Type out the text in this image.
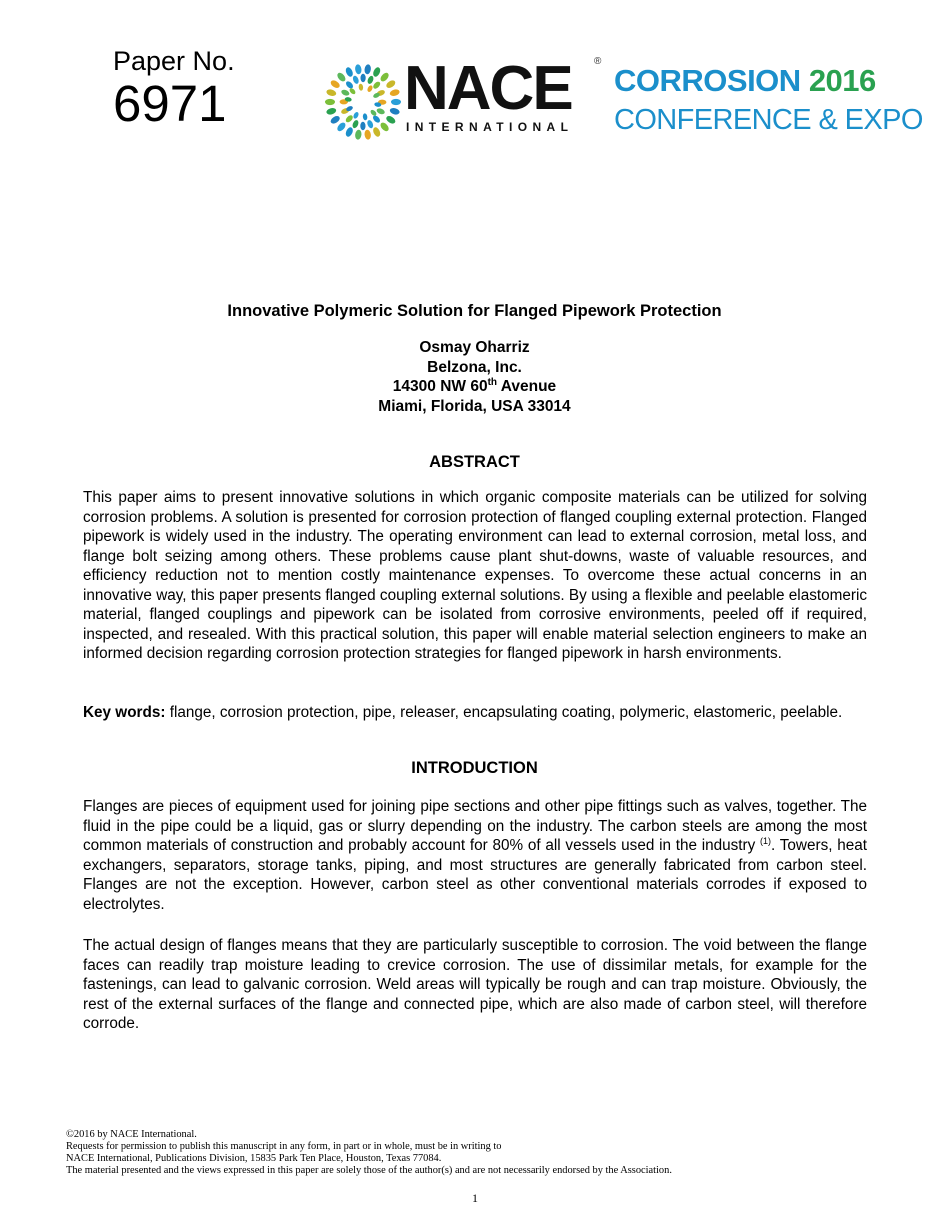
Paper No.
6971	NACE ®
INTERNATIONAL
CORROSION 2016
CONFERENCE & EXPO
Innovative Polymeric Solution for Flanged Pipework Protection
Osmay Oharriz
Belzona, Inc.
14300 NW 60th Avenue
Miami, Florida, USA 33014
ABSTRACT

This paper aims to present innovative solutions in which organic composite materials can be utilized for solving corrosion problems. A solution is presented for corrosion protection of flanged coupling external protection. Flanged pipework is widely used in the industry. The operating environment can lead to external corrosion, metal loss, and flange bolt seizing among others. These problems cause plant shut-downs, waste of valuable resources, and efficiency reduction not to mention costly maintenance expenses. To overcome these actual concerns in an innovative way, this paper presents flanged coupling external solutions. By using a flexible and peelable elastomeric material, flanged couplings and pipework can be isolated from corrosive environments, peeled off if required, inspected, and resealed. With this practical solution, this paper will enable material selection engineers to make an informed decision regarding corrosion protection strategies for flanged pipework in harsh environments.

Key words: flange, corrosion protection, pipe, releaser, encapsulating coating, polymeric, elastomeric, peelable.

INTRODUCTION

Flanges are pieces of equipment used for joining pipe sections and other pipe fittings such as valves, together. The fluid in the pipe could be a liquid, gas or slurry depending on the industry. The carbon steels are among the most common materials of construction and probably account for 80% of all vessels used in the industry $^{(1)}$. Towers, heat exchangers, separators, storage tanks, piping, and most structures are generally fabricated from carbon steel. Flanges are not the exception. However, carbon steel as other conventional materials corrodes if exposed to electrolytes.

The actual design of flanges means that they are particularly susceptible to corrosion. The void between the flange faces can readily trap moisture leading to crevice corrosion. The use of dissimilar metals, for example for the fastenings, can lead to galvanic corrosion. Weld areas will typically be rough and can trap moisture. Obviously, the rest of the external surfaces of the flange and connected pipe, which are also made of carbon steel, will therefore corrode.

©2016 by NACE International.
Requests for permission to publish this manuscript in any form, in part or in whole, must be in writing to
NACE International, Publications Division, 15835 Park Ten Place, Houston, Texas 77084.
The material presented and the views expressed in this paper are solely those of the author(s) and are not necessarily endorsed by the Association.
1
